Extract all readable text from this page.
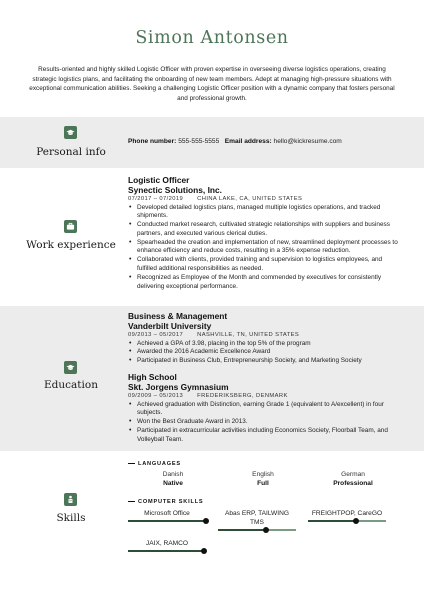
Simon Antonsen
Results-oriented and highly skilled Logistic Officer with proven expertise in overseeing diverse logistics operations, creating strategic logistics plans, and facilitating the onboarding of new team members. Adept at managing high-pressure situations with exceptional communication abilities. Seeking a challenging Logistic Officer position with a dynamic company that fosters personal and professional growth.
Personal info
Phone number: 555-555-5555 Email address: hello@kickresume.com
Work experience
Logistic Officer
Synectic Solutions, Inc.
07/2017 – 07/2019 CHINA LAKE, CA, UNITED STATES
• Developed detailed logistics plans, managed multiple logistics operations, and tracked shipments.
• Conducted market research, cultivated strategic relationships with suppliers and business partners, and executed various clerical duties.
• Spearheaded the creation and implementation of new, streamlined deployment processes to enhance efficiency and reduce costs, resulting in a 35% expense reduction.
• Collaborated with clients, provided training and supervision to logistics employees, and fulfilled additional responsibilities as needed.
• Recognized as Employee of the Month and commended by executives for consistently delivering exceptional performance.
Education
Business & Management
Vanderbilt University
09/2013 – 05/2017 NASHVILLE, TN, UNITED STATES
• Achieved a GPA of 3.98, placing in the top 5% of the program
• Awarded the 2016 Academic Excellence Award
• Participated in Business Club, Entrepreneurship Society, and Marketing Society
High School
Skt. Jorgens Gymnasium
09/2009 – 05/2013 FREDERIKSBERG, DENMARK
• Achieved graduation with Distinction, earning Grade 1 (equivalent to A/excellent) in four subjects.
• Won the Best Graduate Award in 2013.
• Participated in extracurricular activities including Economics Society, Floorball Team, and Volleyball Team.
Skills
LANGUAGES
Danish
Native
English
Full
German
Professional
COMPUTER SKILLS
Microsoft Office	Abas ERP, TAILWING TMS
FREIGHTPOP, CareGO
JAIX, RAMCO
